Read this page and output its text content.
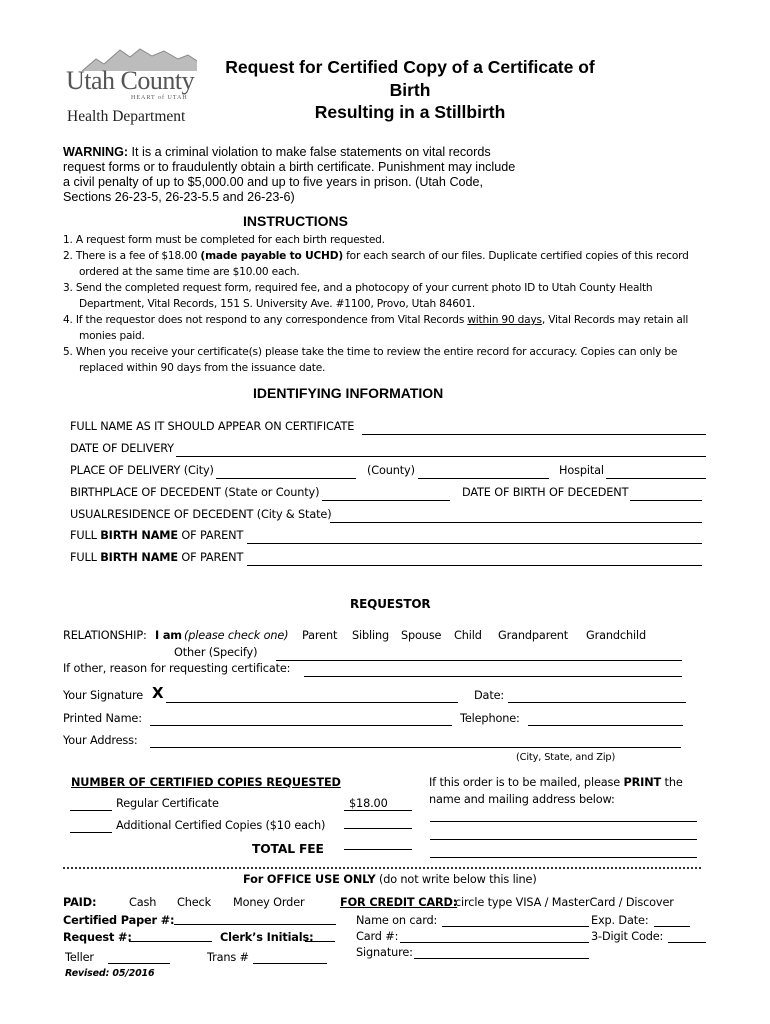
Utah County
HEART of UTAH
Health Department
Request for Certified Copy of a Certificate of
Birth
Resulting in a Stillbirth
WARNING: It is a criminal violation to make false statements on vital records
request forms or to fraudulently obtain a birth certificate. Punishment may include
a civil penalty of up to $5,000.00 and up to five years in prison. (Utah Code,
Sections 26-23-5, 26-23-5.5 and 26-23-6)
INSTRUCTIONS
1. A request form must be completed for each birth requested.
2. There is a fee of $18.00 (made payable to UCHD) for each search of our files. Duplicate certified copies of this record
ordered at the same time are $10.00 each.
3. Send the completed request form, required fee, and a photocopy of your current photo ID to Utah County Health
Department, Vital Records, 151 S. University Ave. #1100, Provo, Utah 84601.
4. If the requestor does not respond to any correspondence from Vital Records within 90 days, Vital Records may retain all
monies paid.
5. When you receive your certificate(s) please take the time to review the entire record for accuracy. Copies can only be
replaced within 90 days from the issuance date.
IDENTIFYING INFORMATION
FULL NAME AS IT SHOULD APPEAR ON CERTIFICATE
DATE OF DELIVERY
PLACE OF DELIVERY (City)	(County)	Hospital
BIRTHPLACE OF DECEDENT (State or County)	DATE OF BIRTH OF DECEDENT
USUALRESIDENCE OF DECEDENT (City & State)
FULL BIRTH NAME OF PARENT
FULL BIRTH NAME OF PARENT
REQUESTOR
RELATIONSHIP: I am (please check one) Parent Sibling Spouse Child Grandparent Grandchild
Other (Specify)
If other, reason for requesting certificate:
Your Signature X	Date:
Printed Name:	Telephone:
Your Address:
(City, State, and Zip)
NUMBER OF CERTIFIED COPIES REQUESTED
Regular Certificate	$18.00
Additional Certified Copies ($10 each)
TOTAL FEE
If this order is to be mailed, please PRINT the
name and mailing address below:
For OFFICE USE ONLY (do not write below this line)
PAID:	Cash Check Money Order
Certified Paper #:
Request #:	Clerk’s Initials:
Teller	Trans #
Revised: 05/2016
FOR CREDIT CARD:
circle type VISA / MasterCard / Discover
Name on card:	Exp. Date:
Card #:	3-Digit Code:
Signature:
